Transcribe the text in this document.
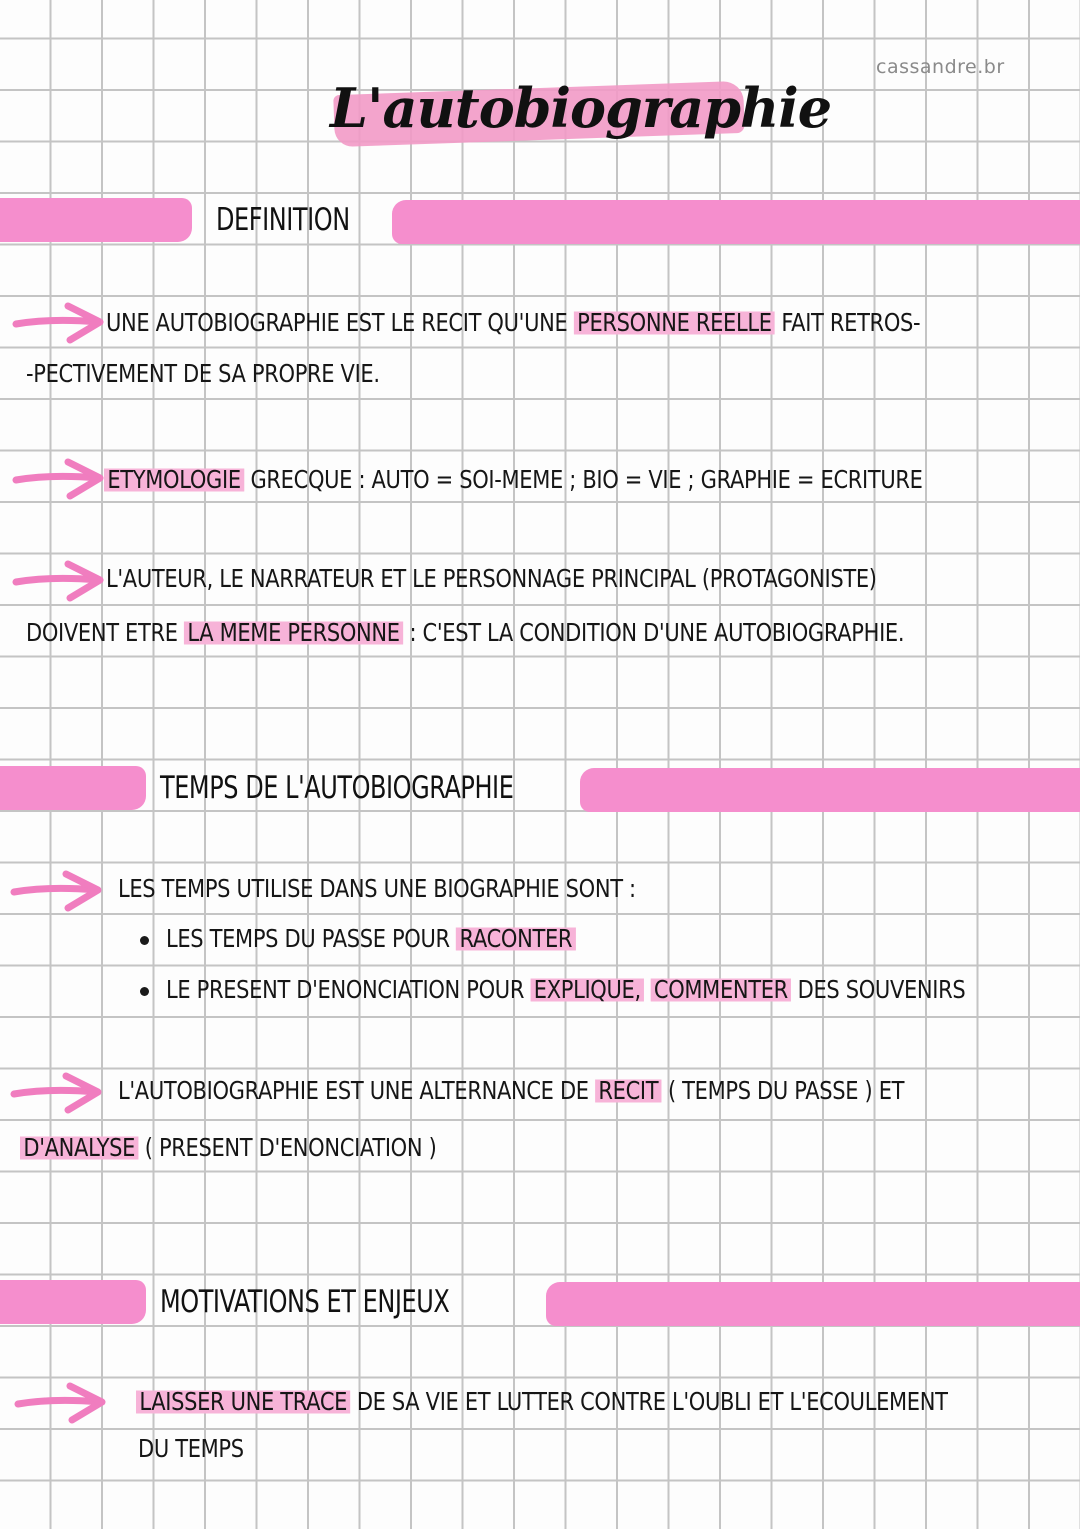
cassandre.br
L'autobiographie
DEFINITION
UNE AUTOBIOGRAPHIE EST LE RECIT QU'UNE PERSONNE REELLE FAIT RETROS-
-PECTIVEMENT DE SA PROPRE VIE.
ETYMOLOGIE GRECQUE : AUTO = SOI-MEME ; BIO = VIE ; GRAPHIE = ECRITURE
L'AUTEUR, LE NARRATEUR ET LE PERSONNAGE PRINCIPAL (PROTAGONISTE)
DOIVENT ETRE LA MEME PERSONNE : C'EST LA CONDITION D'UNE AUTOBIOGRAPHIE.
TEMPS DE L'AUTOBIOGRAPHIE
LES TEMPS UTILISE DANS UNE BIOGRAPHIE SONT :
LES TEMPS DU PASSE POUR RACONTER
LE PRESENT D'ENONCIATION POUR EXPLIQUE, COMMENTER DES SOUVENIRS
L'AUTOBIOGRAPHIE EST UNE ALTERNANCE DE RECIT ( TEMPS DU PASSE ) ET
D'ANALYSE ( PRESENT D'ENONCIATION )
MOTIVATIONS ET ENJEUX
LAISSER UNE TRACE DE SA VIE ET LUTTER CONTRE L'OUBLI ET L'ECOULEMENT
DU TEMPS
